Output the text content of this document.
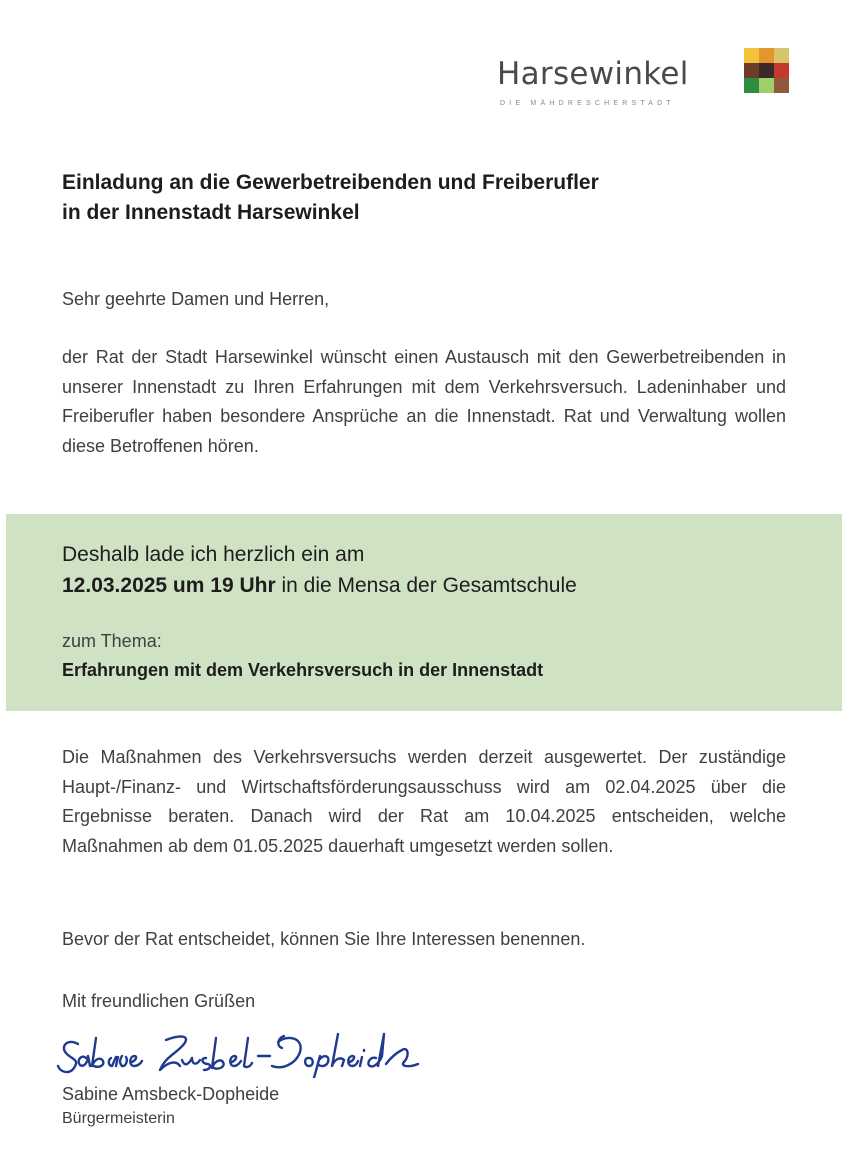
Harsewinkel
DIE MÄHDRESCHERSTADT
Einladung an die Gewerbetreibenden und Freiberufler
in der Innenstadt Harsewinkel

Sehr geehrte Damen und Herren,

der Rat der Stadt Harsewinkel wünscht einen Austausch mit den Gewerbetreibenden in unserer Innenstadt zu Ihren Erfahrungen mit dem Verkehrsversuch. Ladeninhaber und Freiberufler haben besondere Ansprüche an die Innenstadt. Rat und Verwaltung wollen diese Betroffenen hören.

Deshalb lade ich herzlich ein am

12.03.2025 um 19 Uhr in die Mensa der Gesamtschule

zum Thema:

Erfahrungen mit dem Verkehrsversuch in der Innenstadt

Die Maßnahmen des Verkehrsversuchs werden derzeit ausgewertet. Der zuständige Haupt-/Finanz- und Wirtschaftsförderungsausschuss wird am 02.04.2025 über die Ergebnisse beraten. Danach wird der Rat am 10.04.2025 entscheiden, welche Maßnahmen ab dem 01.05.2025 dauerhaft umgesetzt werden sollen.

Bevor der Rat entscheidet, können Sie Ihre Interessen benennen.

Mit freundlichen Grüßen

Sabine Amsbeck-Dopheide

Bürgermeisterin
